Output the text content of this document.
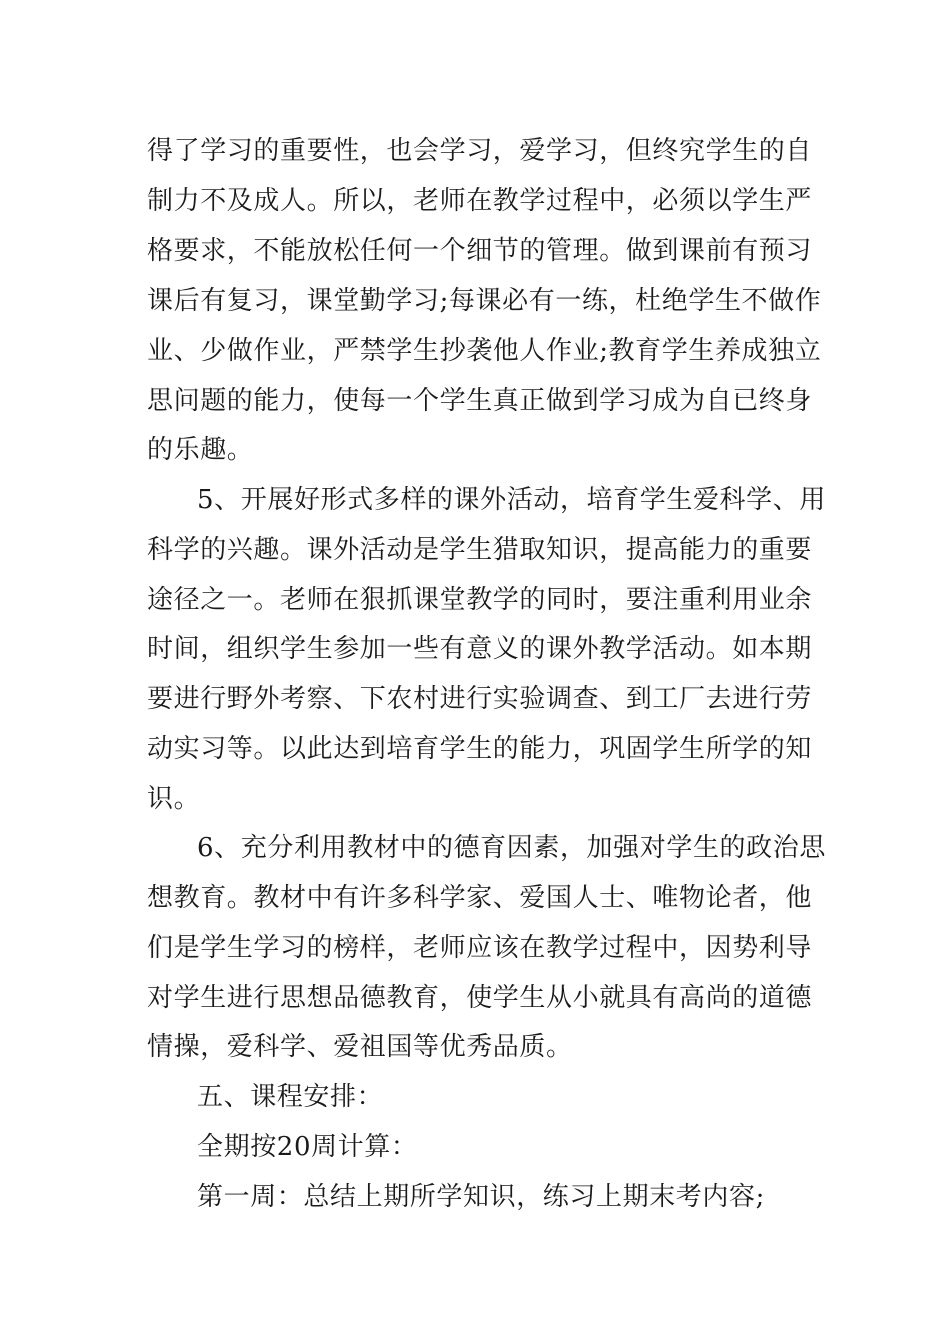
得了学习的重要性，也会学习，爱学习，但终究学生的自
制力不及成人。所以，老师在教学过程中，必须以学生严
格要求，不能放松任何一个细节的管理。做到课前有预习
课后有复习，课堂勤学习;每课必有一练，杜绝学生不做作
业、少做作业，严禁学生抄袭他人作业;教育学生养成独立
思问题的能力，使每一个学生真正做到学习成为自已终身
的乐趣。
5、开展好形式多样的课外活动，培育学生爱科学、用
科学的兴趣。课外活动是学生猎取知识，提高能力的重要
途径之一。老师在狠抓课堂教学的同时，要注重利用业余
时间，组织学生参加一些有意义的课外教学活动。如本期
要进行野外考察、下农村进行实验调查、到工厂去进行劳
动实习等。以此达到培育学生的能力，巩固学生所学的知
识。
6、充分利用教材中的德育因素，加强对学生的政治思
想教育。教材中有许多科学家、爱国人士、唯物论者，他
们是学生学习的榜样，老师应该在教学过程中，因势利导
对学生进行思想品德教育，使学生从小就具有高尚的道德
情操，爱科学、爱祖国等优秀品质。
五、课程安排：
全期按20周计算：
第一周：总结上期所学知识，练习上期末考内容;
